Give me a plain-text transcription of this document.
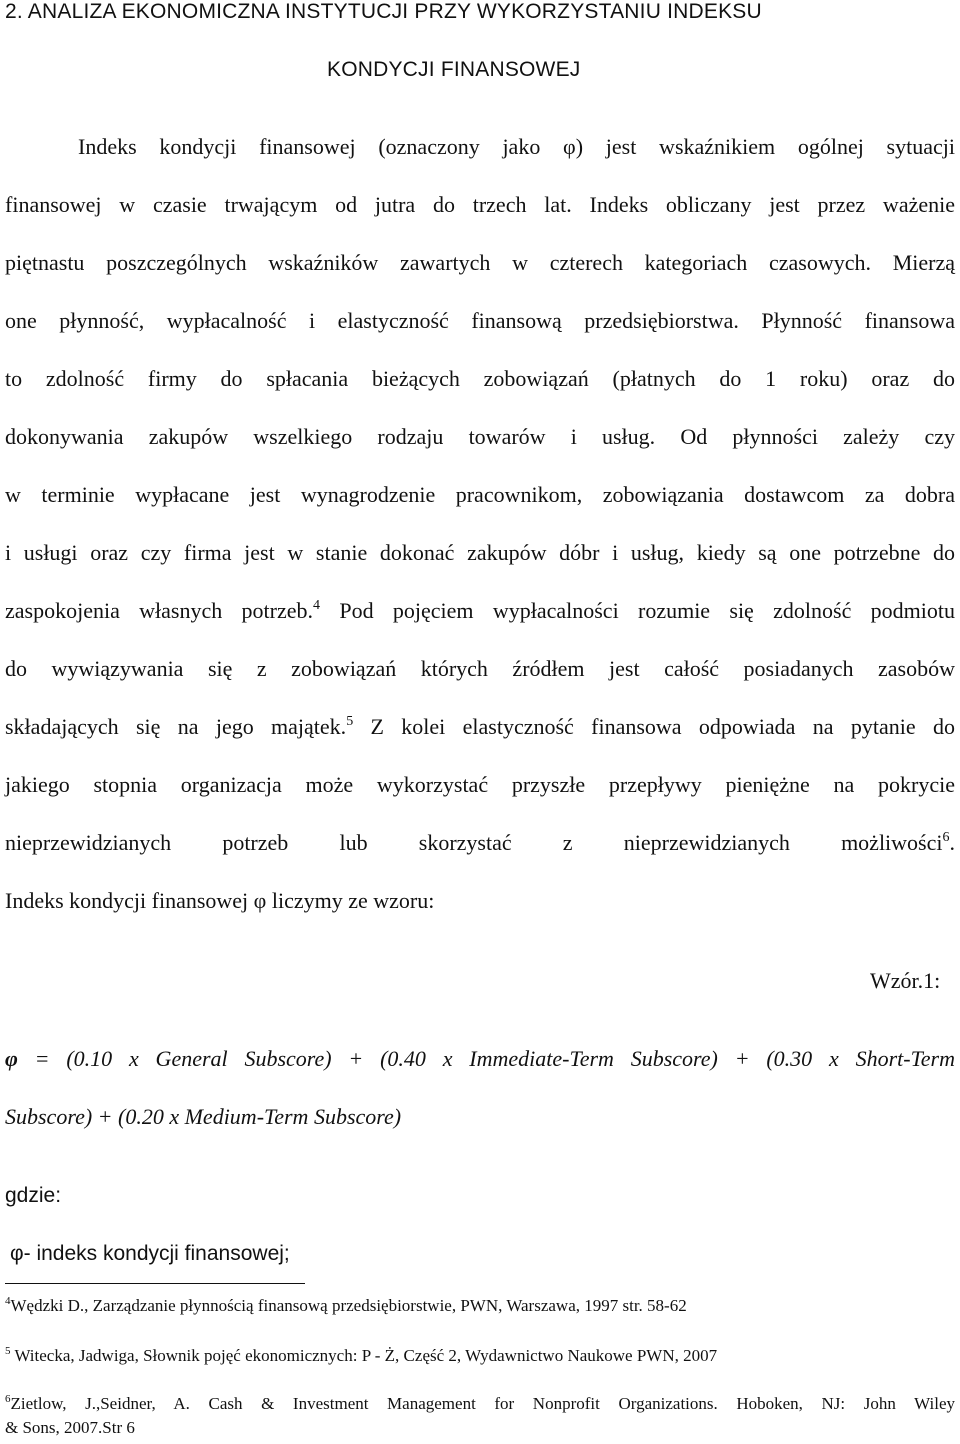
2. ANALIZA EKONOMICZNA INSTYTUCJI PRZY WYKORZYSTANIU INDEKSU
KONDYCJI FINANSOWEJ
Indeks kondycji finansowej (oznaczony jako φ) jest wskaźnikiem ogólnej sytuacji
finansowej w czasie trwającym od jutra do trzech lat. Indeks obliczany jest przez ważenie
piętnastu poszczególnych wskaźników zawartych w czterech kategoriach czasowych. Mierzą
one płynność, wypłacalność i elastyczność finansową przedsiębiorstwa. Płynność finansowa
to zdolność firmy do spłacania bieżących zobowiązań (płatnych do 1 roku) oraz do
dokonywania zakupów wszelkiego rodzaju towarów i usług. Od płynności zależy czy
w terminie wypłacane jest wynagrodzenie pracownikom, zobowiązania dostawcom za dobra
i usługi oraz czy firma jest w stanie dokonać zakupów dóbr i usług, kiedy są one potrzebne do
zaspokojenia własnych potrzeb.$^4$ Pod pojęciem wypłacalności rozumie się zdolność podmiotu
do wywiązywania się z zobowiązań których źródłem jest całość posiadanych zasobów
składających się na jego majątek.$^5$ Z kolei elastyczność finansowa odpowiada na pytanie do
jakiego stopnia organizacja może wykorzystać przyszłe przepływy pieniężne na pokrycie
nieprzewidzianych potrzeb lub skorzystać z nieprzewidzianych możliwości$^6$.
Indeks kondycji finansowej φ liczymy ze wzoru:
Wzór.1:
φ = (0.10 x General Subscore) + (0.40 x Immediate-Term Subscore) + (0.30 x Short-Term
Subscore) + (0.20 x Medium-Term Subscore)
gdzie:
φ- indeks kondycji finansowej;
$^4$Wędzki D., Zarządzanie płynnością finansową przedsiębiorstwie, PWN, Warszawa, 1997 str. 58-62
$^5$ Witecka, Jadwiga, Słownik pojęć ekonomicznych: P - Ż, Część 2, Wydawnictwo Naukowe PWN, 2007
$^6$Zietlow, J.,Seidner, A. Cash & Investment Management for Nonprofit Organizations. Hoboken, NJ: John Wiley
& Sons, 2007.Str 6
